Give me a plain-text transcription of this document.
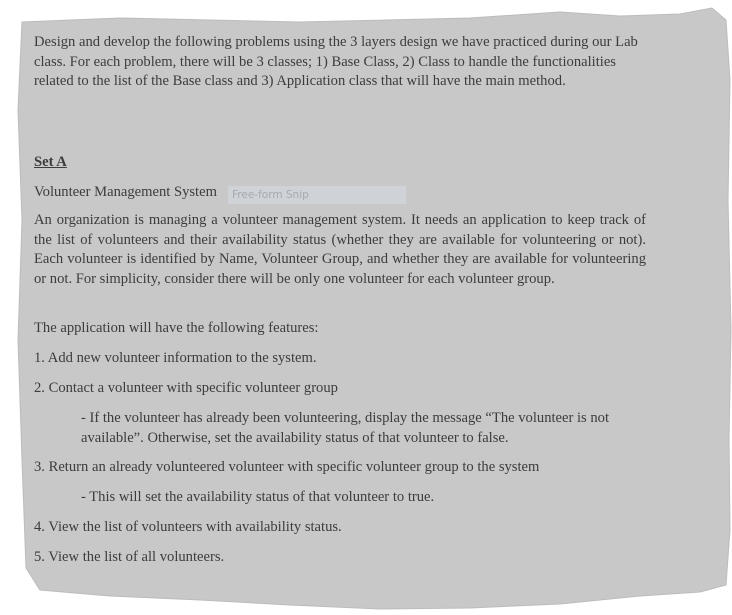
Design and develop the following problems using the 3 layers design we have practiced during our Lab class. For each problem, there will be 3 classes; 1) Base Class, 2) Class to handle the functionalities related to the list of the Base class and 3) Application class that will have the main method.

Set A

Volunteer Management System	Free-form Snip

An organization is managing a volunteer management system. It needs an application to keep track of the list of volunteers and their availability status (whether they are available for volunteering or not). Each volunteer is identified by Name, Volunteer Group, and whether they are available for volunteering or not. For simplicity, consider there will be only one volunteer for each volunteer group.

The application will have the following features:

1. Add new volunteer information to the system.

2. Contact a volunteer with specific volunteer group

- If the volunteer has already been volunteering, display the message “The volunteer is not available”. Otherwise, set the availability status of that volunteer to false.

3. Return an already volunteered volunteer with specific volunteer group to the system

- This will set the availability status of that volunteer to true.

4. View the list of volunteers with availability status.

5. View the list of all volunteers.
